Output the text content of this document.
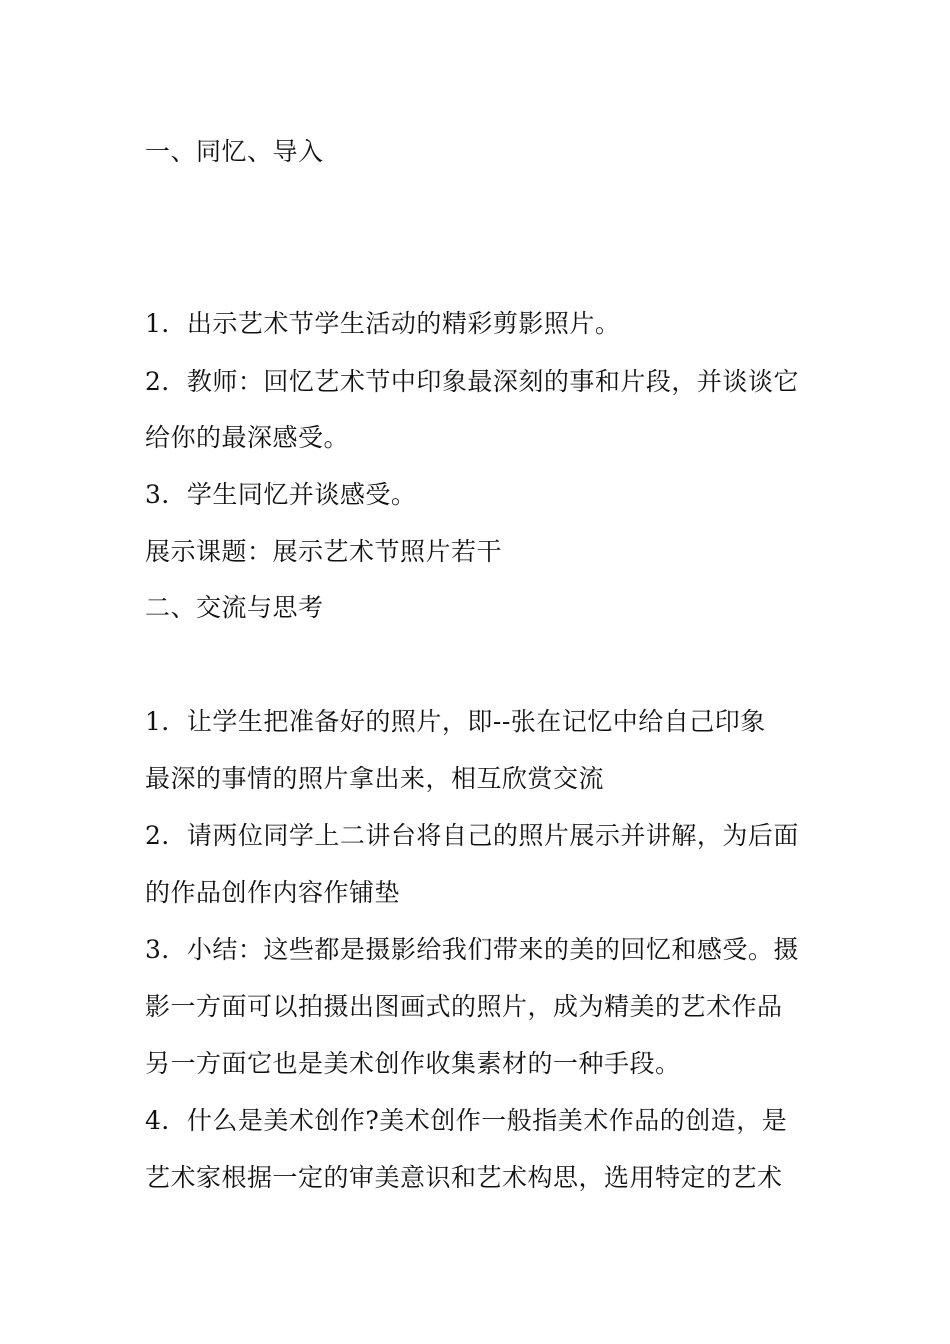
一、同忆、导入
1．出示艺术节学生活动的精彩剪影照片。
2．教师：回忆艺术节中印象最深刻的事和片段，并谈谈它
给你的最深感受。
3．学生同忆并谈感受。
展示课题：展示艺术节照片若干
二、交流与思考
1．让学生把准备好的照片，即--张在记忆中给自己印象
最深的事情的照片拿出来，相互欣赏交流
2．请两位同学上二讲台将自己的照片展示并讲解，为后面
的作品创作内容作铺垫
3．小结：这些都是摄影给我们带来的美的回忆和感受。摄
影一方面可以拍摄出图画式的照片，成为精美的艺术作品
另一方面它也是美术创作收集素材的一种手段。
4．什么是美术创作?美术创作一般指美术作品的创造，是
艺术家根据一定的审美意识和艺术构思，选用特定的艺术
